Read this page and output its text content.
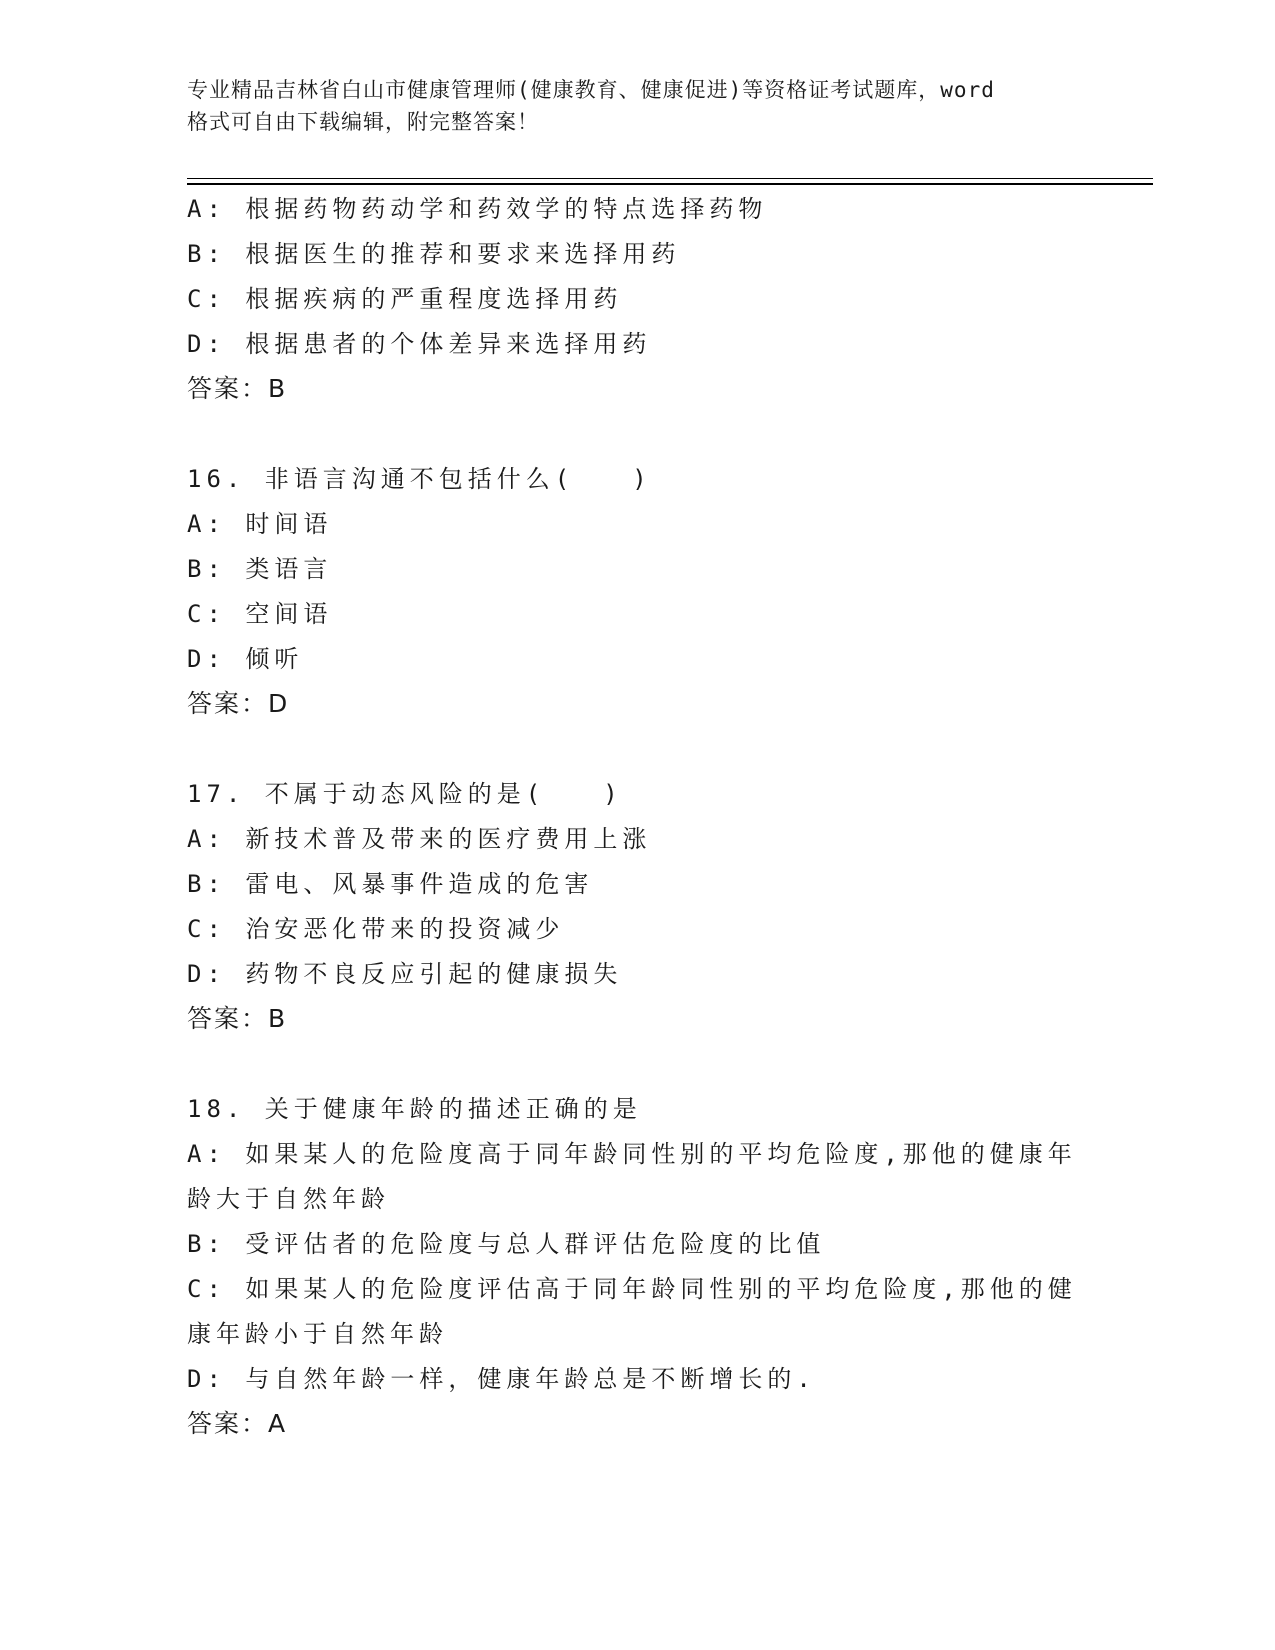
专业精品吉林省白山市健康管理师(健康教育、健康促进)等资格证考试题库，word
格式可自由下载编辑，附完整答案！
A: 根据药物药动学和药效学的特点选择药物
B: 根据医生的推荐和要求来选择用药
C: 根据疾病的严重程度选择用药
D: 根据患者的个体差异来选择用药
答案：B
16. 非语言沟通不包括什么(　　)
A: 时间语
B: 类语言
C: 空间语
D: 倾听
答案：D
17. 不属于动态风险的是(　　)
A: 新技术普及带来的医疗费用上涨
B: 雷电、风暴事件造成的危害
C: 治安恶化带来的投资减少
D: 药物不良反应引起的健康损失
答案：B
18. 关于健康年龄的描述正确的是
A: 如果某人的危险度高于同年龄同性别的平均危险度,那他的健康年
龄大于自然年龄
B: 受评估者的危险度与总人群评估危险度的比值
C: 如果某人的危险度评估高于同年龄同性别的平均危险度,那他的健
康年龄小于自然年龄
D: 与自然年龄一样，健康年龄总是不断增长的.
答案：A
